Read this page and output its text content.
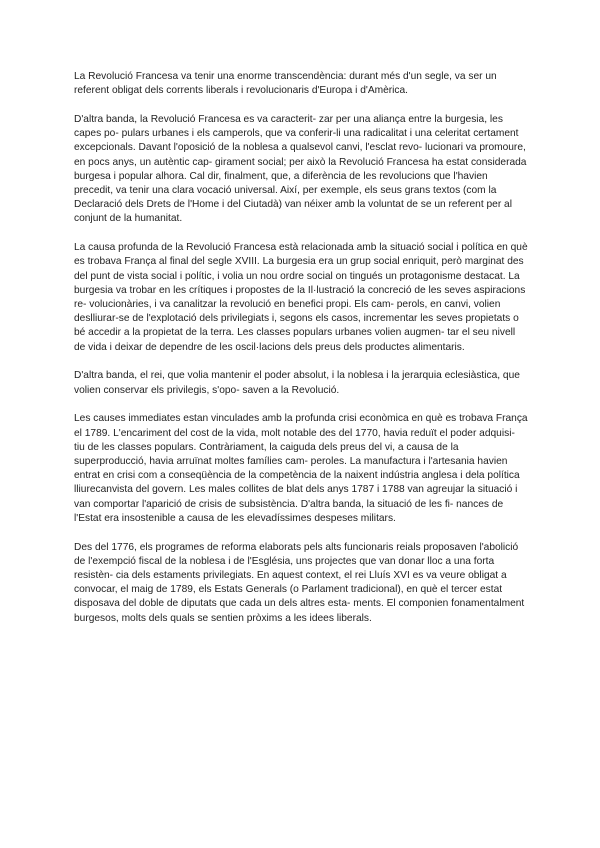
La Revolució Francesa va tenir una enorme transcendència: durant més d'un segle, va ser un referent obligat dels corrents liberals i revolucionaris d'Europa i d'Amèrica.

D'altra banda, la Revolució Francesa es va caracterit- zar per una aliança entre la burgesia, les capes po- pulars urbanes i els camperols, que va conferir-li una radicalitat i una celeritat certament excepcionals. Davant l'oposició de la noblesa a qualsevol canvi, l'esclat revo- lucionari va promoure, en pocs anys, un autèntic cap- girament social; per això la Revolució Francesa ha estat considerada burgesa i popular alhora. Cal dir, finalment, que, a diferència de les revolucions que l'havien precedit, va tenir una clara vocació universal. Així, per exemple, els seus grans textos (com la Declaració dels Drets de l'Home i del Ciutadà) van néixer amb la voluntat de se un referent per al conjunt de la humanitat.

La causa profunda de la Revolució Francesa està relacionada amb la situació social i política en què es trobava França al final del segle XVIII. La burgesia era un grup social enriquit, però marginat des del punt de vista social i polític, i volia un nou ordre social on tingués un protagonisme destacat. La burgesia va trobar en les crítiques i propostes de la Il·lustració la concreció de les seves aspiracions re- volucionàries, i va canalitzar la revolució en benefici propi. Els cam- perols, en canvi, volien deslliurar-se de l'explotació dels privilegiats i, segons els casos, incrementar les seves propietats o bé accedir a la propietat de la terra. Les classes populars urbanes volien augmen- tar el seu nivell de vida i deixar de dependre de les oscil·lacions dels preus dels productes alimentaris.

D'altra banda, el rei, que volia mantenir el poder absolut, i la noblesa i la jerarquia eclesiàstica, que volien conservar els privilegis, s'opo- saven a la Revolució.

Les causes immediates estan vinculades amb la profunda crisi econòmica en què es trobava França el 1789. L'encariment del cost de la vida, molt notable des del 1770, havia reduït el poder adquisi- tiu de les classes populars. Contràriament, la caiguda dels preus del vi, a causa de la superproducció, havia arruïnat moltes famílies cam- peroles. La manufactura i l'artesania havien entrat en crisi com a conseqüència de la competència de la naixent indústria anglesa i dela política lliurecanvista del govern. Les males collites de blat dels anys 1787 i 1788 van agreujar la situació i van comportar l'aparició de crisis de subsistència. D'altra banda, la situació de les fi- nances de l'Estat era insostenible a causa de les elevadíssimes despeses militars.

Des del 1776, els programes de reforma elaborats pels alts funcionaris reials proposaven l'abolició de l'exempció fiscal de la noblesa i de l'Església, uns projectes que van donar lloc a una forta resistèn- cia dels estaments privilegiats. En aquest context, el rei Lluís XVI es va veure obligat a convocar, el maig de 1789, els Estats Generals (o Parlament tradicional), en què el tercer estat disposava del doble de diputats que cada un dels altres esta- ments. El componien fonamentalment burgesos, molts dels quals se sentien pròxims a les idees liberals.
